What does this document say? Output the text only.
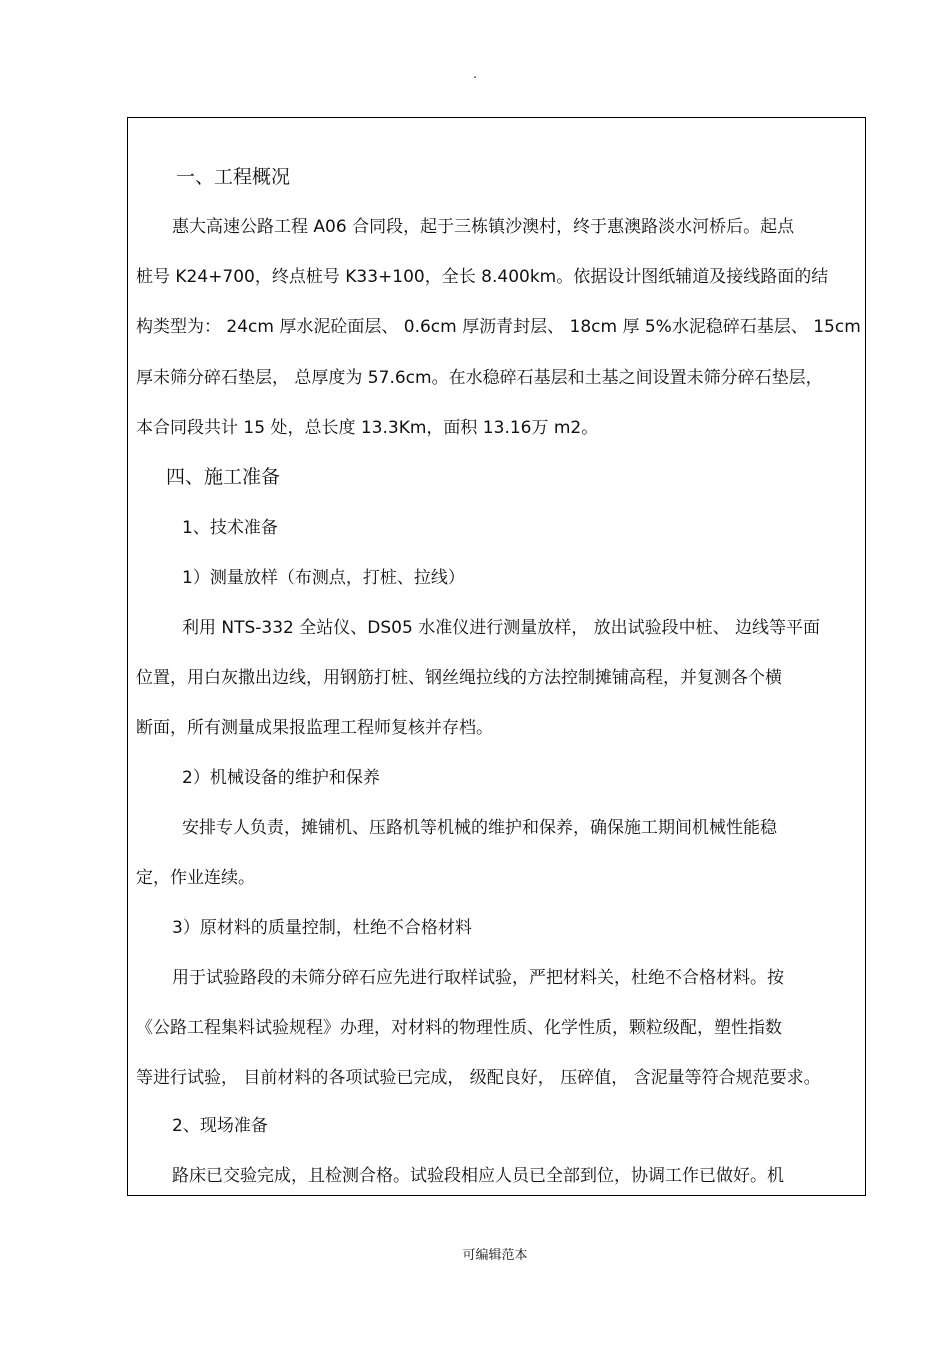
.
一、工程概况
惠大高速公路工程 A06 合同段，起于三栋镇沙澳村，终于惠澳路淡水河桥后。起点
桩号 K24+700，终点桩号 K33+100，全长 8.400km。依据设计图纸辅道及接线路面的结
构类型为： 24cm 厚水泥砼面层、 0.6cm 厚沥青封层、 18cm 厚 5%水泥稳碎石基层、 15cm
厚未筛分碎石垫层， 总厚度为 57.6cm。在水稳碎石基层和土基之间设置未筛分碎石垫层，
本合同段共计 15 处，总长度 13.3Km，面积 13.16万 m2。
四、施工准备
1、技术准备
1）测量放样（布测点，打桩、拉线）
利用 NTS-332 全站仪、DS05 水准仪进行测量放样， 放出试验段中桩、 边线等平面
位置，用白灰撒出边线，用钢筋打桩、钢丝绳拉线的方法控制摊铺高程，并复测各个横
断面，所有测量成果报监理工程师复核并存档。
2）机械设备的维护和保养
安排专人负责，摊铺机、压路机等机械的维护和保养，确保施工期间机械性能稳
定，作业连续。
3）原材料的质量控制，杜绝不合格材料
用于试验路段的未筛分碎石应先进行取样试验，严把材料关，杜绝不合格材料。按
《公路工程集料试验规程》办理，对材料的物理性质、化学性质，颗粒级配，塑性指数
等进行试验， 目前材料的各项试验已完成， 级配良好， 压碎值， 含泥量等符合规范要求。
2、现场准备
路床已交验完成，且检测合格。试验段相应人员已全部到位，协调工作已做好。机
可编辑范本
